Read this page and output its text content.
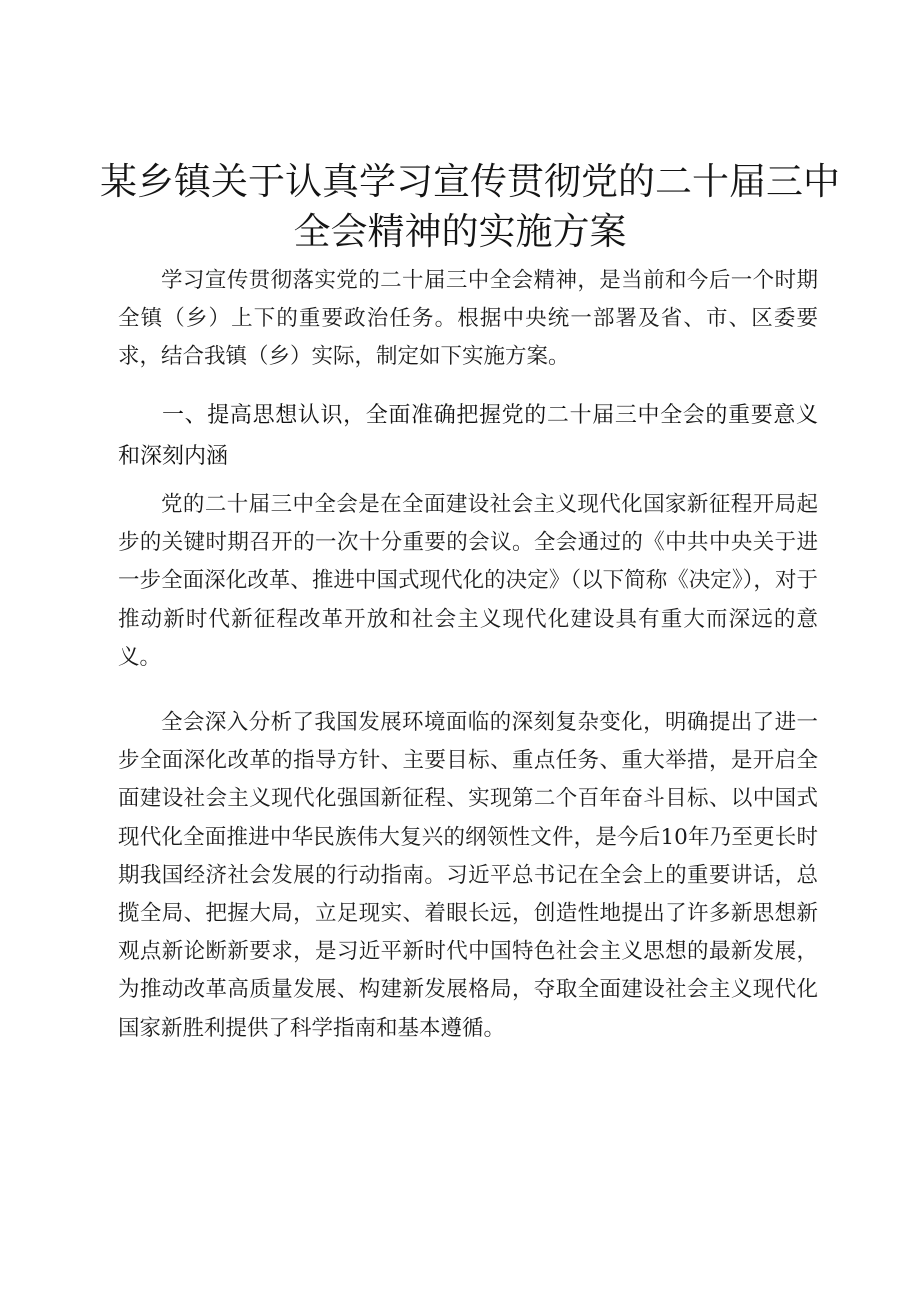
某乡镇关于认真学习宣传贯彻党的二十届三中
全会精神的实施方案

学习宣传贯彻落实党的二十届三中全会精神，是当前和今后一个时期全镇（乡）上下的重要政治任务。根据中央统一部署及省、市、区委要求，结合我镇（乡）实际，制定如下实施方案。

一、提高思想认识，全面准确把握党的二十届三中全会的重要意义和深刻内涵

党的二十届三中全会是在全面建设社会主义现代化国家新征程开局起步的关键时期召开的一次十分重要的会议。全会通过的《中共中央关于进一步全面深化改革、推进中国式现代化的决定》（以下简称《决定》），对于推动新时代新征程改革开放和社会主义现代化建设具有重大而深远的意义。

全会深入分析了我国发展环境面临的深刻复杂变化，明确提出了进一步全面深化改革的指导方针、主要目标、重点任务、重大举措，是开启全面建设社会主义现代化强国新征程、实现第二个百年奋斗目标、以中国式现代化全面推进中华民族伟大复兴的纲领性文件，是今后10年乃至更长时期我国经济社会发展的行动指南。习近平总书记在全会上的重要讲话，总揽全局、把握大局，立足现实、着眼长远，创造性地提出了许多新思想新观点新论断新要求，是习近平新时代中国特色社会主义思想的最新发展，为推动改革高质量发展、构建新发展格局，夺取全面建设社会主义现代化国家新胜利提供了科学指南和基本遵循。
